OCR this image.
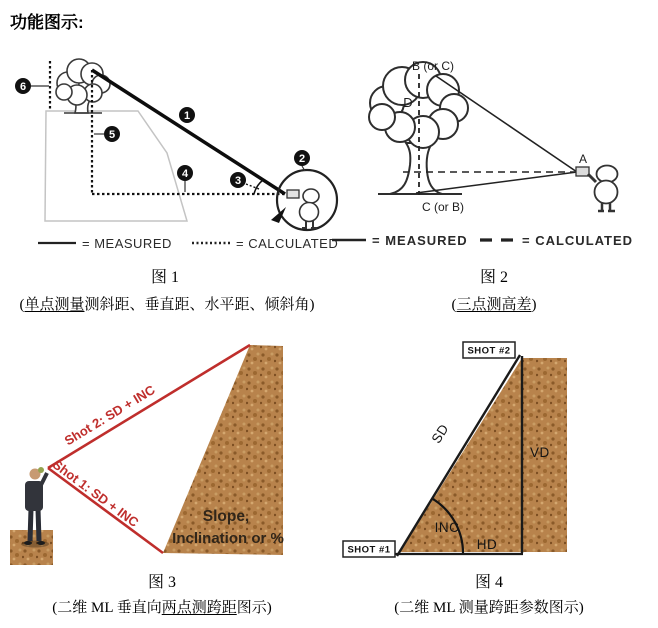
功能图示:
1
2
3
4
5
6
= MEASURED	= CALCULATED
B (or C)
D
C (or B)
A
= MEASURED	= CALCULATED
图 1	图 2
(单点测量测斜距、垂直距、水平距、倾斜角)	(三点测高差)
Shot 2: SD + INC
Shot 1: SD + INC	Slope,
Inclination or %
SD
VD
INC
HD
SHOT #2
SHOT #1
图 3	图 4
(二维 ML 垂直向两点测跨距图示)	(二维 ML 测量跨距参数图示)
